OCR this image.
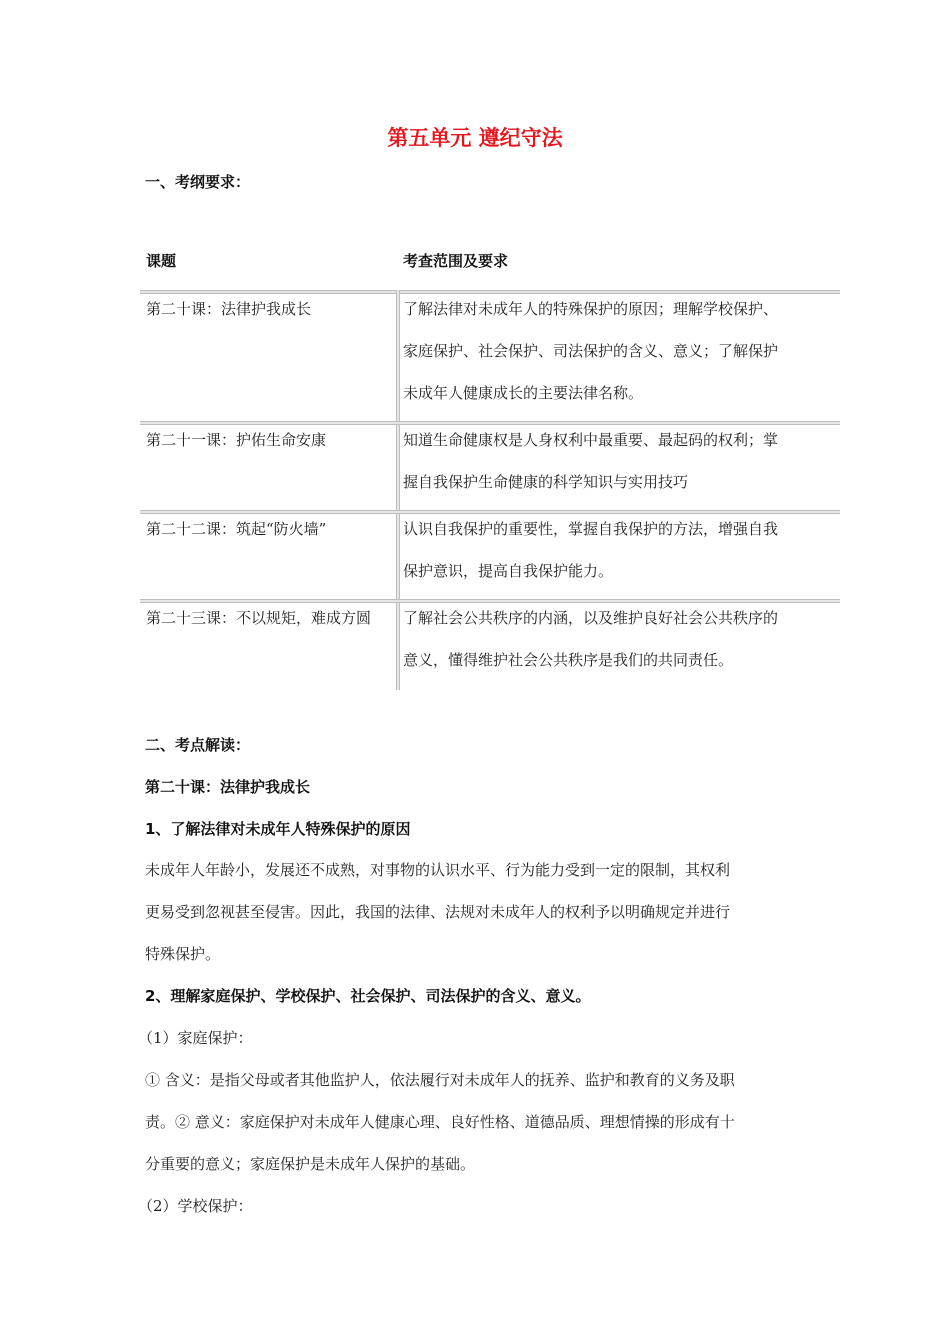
第五单元 遵纪守法
一、考纲要求：
课题	考查范围及要求
第二十课：法律护我成长	了解法律对未成年人的特殊保护的原因；理解学校保护、
家庭保护、社会保护、司法保护的含义、意义；了解保护
未成年人健康成长的主要法律名称。
第二十一课：护佑生命安康	知道生命健康权是人身权利中最重要、最起码的权利；掌
握自我保护生命健康的科学知识与实用技巧
第二十二课：筑起“防火墙”	认识自我保护的重要性，掌握自我保护的方法，增强自我
保护意识，提高自我保护能力。
第二十三课：不以规矩，难成方圆	了解社会公共秩序的内涵，以及维护良好社会公共秩序的
意义，懂得维护社会公共秩序是我们的共同责任。
二、考点解读：
第二十课：法律护我成长
1、了解法律对未成年人特殊保护的原因
未成年人年龄小，发展还不成熟，对事物的认识水平、行为能力受到一定的限制，其权利
更易受到忽视甚至侵害。因此，我国的法律、法规对未成年人的权利予以明确规定并进行
特殊保护。
2、理解家庭保护、学校保护、社会保护、司法保护的含义、意义。
（1）家庭保护：
① 含义：是指父母或者其他监护人，依法履行对未成年人的抚养、监护和教育的义务及职
责。② 意义：家庭保护对未成年人健康心理、良好性格、道德品质、理想情操的形成有十
分重要的意义；家庭保护是未成年人保护的基础。
（2）学校保护：
